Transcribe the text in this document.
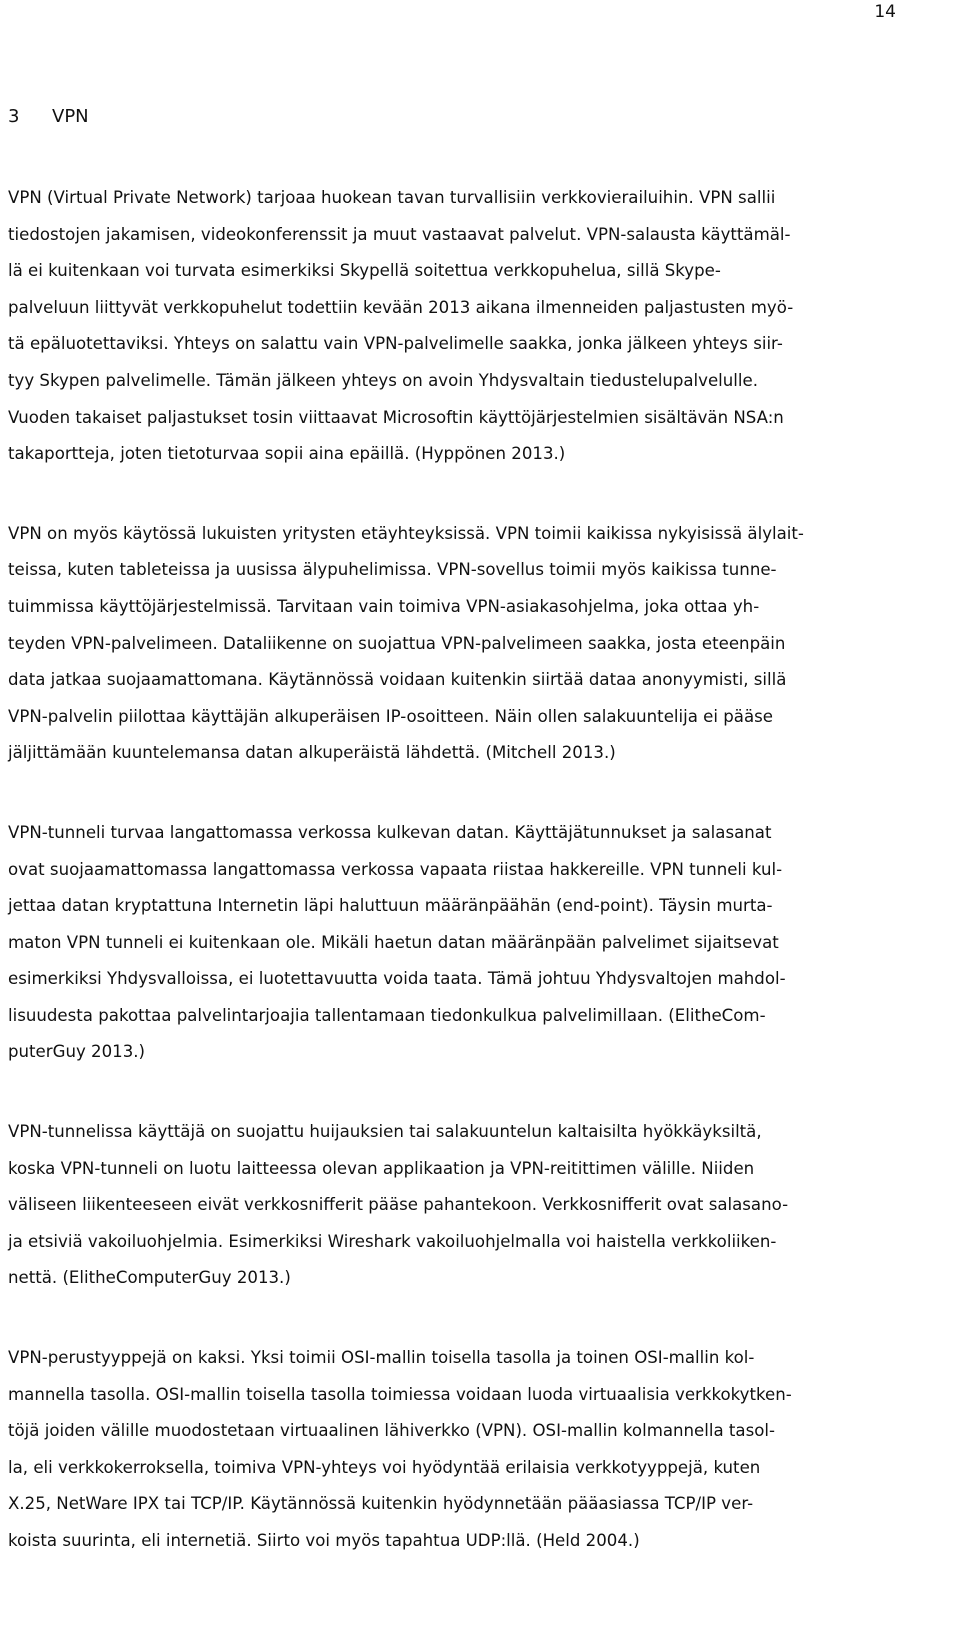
14
3 VPN

VPN (Virtual Private Network) tarjoaa huokean tavan turvallisiin verkkovierailuihin. VPN sallii
tiedostojen jakamisen, videokonferenssit ja muut vastaavat palvelut. VPN-salausta käyttämäl-
lä ei kuitenkaan voi turvata esimerkiksi Skypellä soitettua verkkopuhelua, sillä Skype-
palveluun liittyvät verkkopuhelut todettiin kevään 2013 aikana ilmenneiden paljastusten myö-
tä epäluotettaviksi. Yhteys on salattu vain VPN-palvelimelle saakka, jonka jälkeen yhteys siir-
tyy Skypen palvelimelle. Tämän jälkeen yhteys on avoin Yhdysvaltain tiedustelupalvelulle.
Vuoden takaiset paljastukset tosin viittaavat Microsoftin käyttöjärjestelmien sisältävän NSA:n
takaportteja, joten tietoturvaa sopii aina epäillä. (Hyppönen 2013.)

VPN on myös käytössä lukuisten yritysten etäyhteyksissä. VPN toimii kaikissa nykyisissä älylait-
teissa, kuten tableteissa ja uusissa älypuhelimissa. VPN-sovellus toimii myös kaikissa tunne-
tuimmissa käyttöjärjestelmissä. Tarvitaan vain toimiva VPN-asiakasohjelma, joka ottaa yh-
teyden VPN-palvelimeen. Dataliikenne on suojattua VPN-palvelimeen saakka, josta eteenpäin
data jatkaa suojaamattomana. Käytännössä voidaan kuitenkin siirtää dataa anonyymisti, sillä
VPN-palvelin piilottaa käyttäjän alkuperäisen IP-osoitteen. Näin ollen salakuuntelija ei pääse
jäljittämään kuuntelemansa datan alkuperäistä lähdettä. (Mitchell 2013.)

VPN-tunneli turvaa langattomassa verkossa kulkevan datan. Käyttäjätunnukset ja salasanat
ovat suojaamattomassa langattomassa verkossa vapaata riistaa hakkereille. VPN tunneli kul-
jettaa datan kryptattuna Internetin läpi haluttuun määränpäähän (end-point). Täysin murta-
maton VPN tunneli ei kuitenkaan ole. Mikäli haetun datan määränpään palvelimet sijaitsevat
esimerkiksi Yhdysvalloissa, ei luotettavuutta voida taata. Tämä johtuu Yhdysvaltojen mahdol-
lisuudesta pakottaa palvelintarjoajia tallentamaan tiedonkulkua palvelimillaan. (ElitheCom-
puterGuy 2013.)

VPN-tunnelissa käyttäjä on suojattu huijauksien tai salakuuntelun kaltaisilta hyökkäyksiltä,
koska VPN-tunneli on luotu laitteessa olevan applikaation ja VPN-reitittimen välille. Niiden
väliseen liikenteeseen eivät verkkosnifferit pääse pahantekoon. Verkkosnifferit ovat salasano-
ja etsiviä vakoiluohjelmia. Esimerkiksi Wireshark vakoiluohjelmalla voi haistella verkkoliiken-
nettä. (ElitheComputerGuy 2013.)

VPN-perustyyppejä on kaksi. Yksi toimii OSI-mallin toisella tasolla ja toinen OSI-mallin kol-
mannella tasolla. OSI-mallin toisella tasolla toimiessa voidaan luoda virtuaalisia verkkokytken-
töjä joiden välille muodostetaan virtuaalinen lähiverkko (VPN). OSI-mallin kolmannella tasol-
la, eli verkkokerroksella, toimiva VPN-yhteys voi hyödyntää erilaisia verkkotyyppejä, kuten
X.25, NetWare IPX tai TCP/IP. Käytännössä kuitenkin hyödynnetään pääasiassa TCP/IP ver-
koista suurinta, eli internetiä. Siirto voi myös tapahtua UDP:llä. (Held 2004.)
